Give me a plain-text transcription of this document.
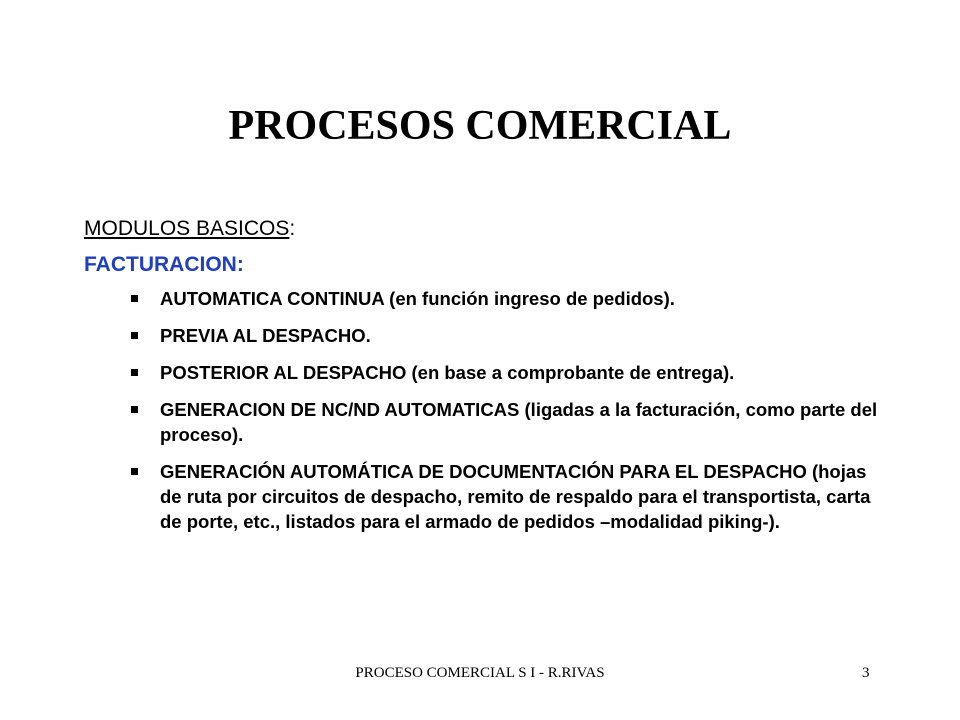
PROCESOS COMERCIAL
MODULOS BASICOS:
FACTURACION:
AUTOMATICA CONTINUA (en función ingreso de pedidos).
PREVIA AL DESPACHO.
POSTERIOR AL DESPACHO (en base a comprobante de entrega).
GENERACION DE NC/ND AUTOMATICAS (ligadas a la facturación, como parte del proceso).
GENERACIÓN AUTOMÁTICA DE DOCUMENTACIÓN PARA EL DESPACHO (hojas de ruta por circuitos de despacho, remito de respaldo para el transportista, carta de porte, etc., listados para el armado de pedidos –modalidad piking-).
PROCESO COMERCIAL S I - R.RIVAS	3
